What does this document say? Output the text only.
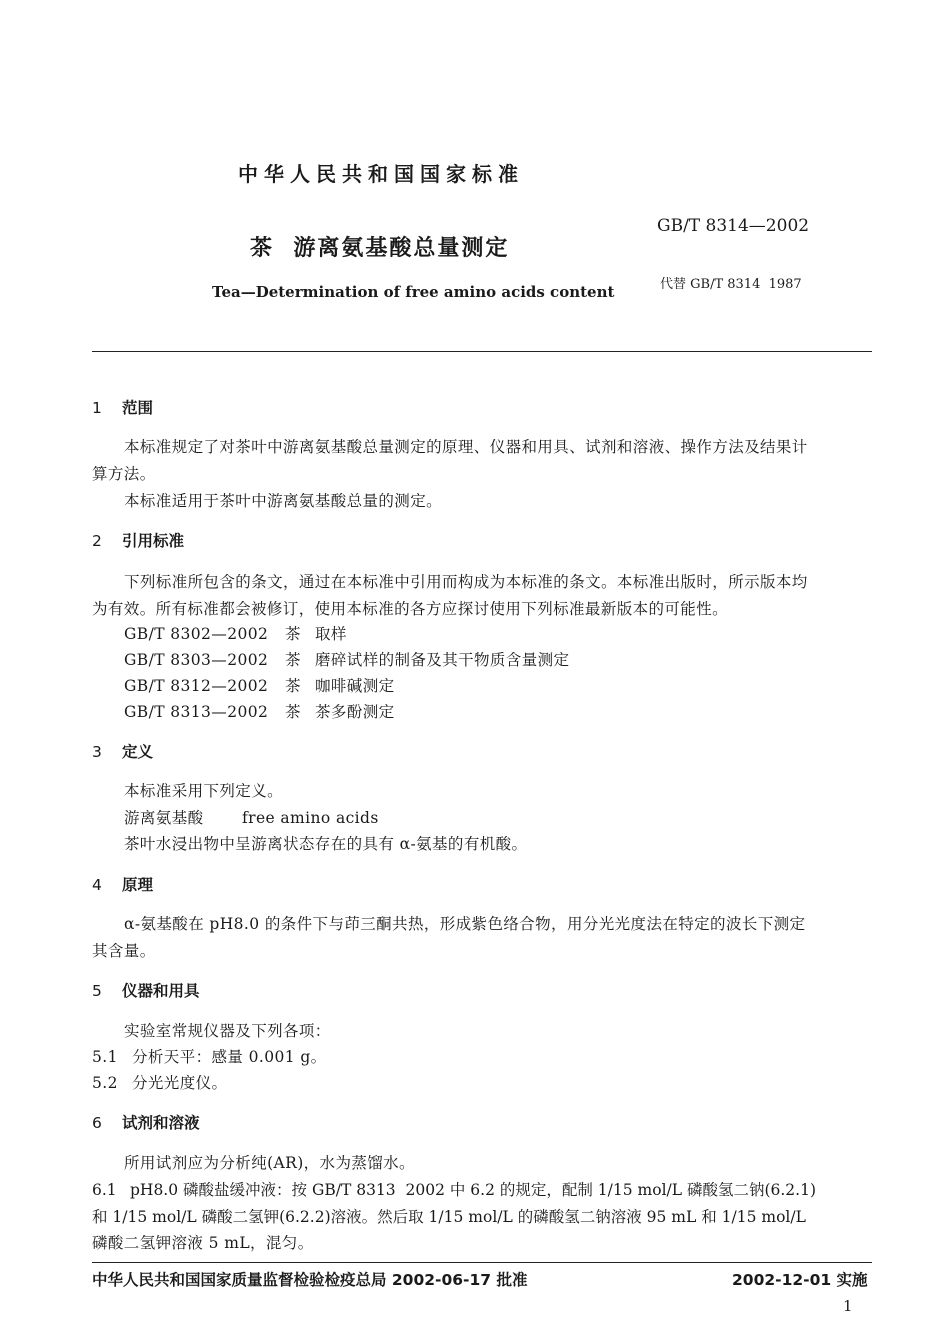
中华人民共和国国家标准
茶  游离氨基酸总量测定
Tea—Determination of free amino acids content
GB/T 8314—2002
代替 GB/T 8314  1987
1 范围
本标准规定了对茶叶中游离氨基酸总量测定的原理、仪器和用具、试剂和溶液、操作方法及结果计
算方法。
本标准适用于茶叶中游离氨基酸总量的测定。
2 引用标准
下列标准所包含的条文，通过在本标准中引用而构成为本标准的条文。本标准出版时，所示版本均
为有效。所有标准都会被修订，使用本标准的各方应探讨使用下列标准最新版本的可能性。
GB/T 8302—2002 茶 取样
GB/T 8303—2002 茶 磨碎试样的制备及其干物质含量测定
GB/T 8312—2002 茶 咖啡碱测定
GB/T 8313—2002 茶 茶多酚测定
3 定义
本标准采用下列定义。
游离氨基酸 free amino acids
茶叶水浸出物中呈游离状态存在的具有 α-氨基的有机酸。
4 原理
α-氨基酸在 pH8.0 的条件下与茚三酮共热，形成紫色络合物，用分光光度法在特定的波长下测定
其含量。
5 仪器和用具
实验室常规仪器及下列各项：
5.1 分析天平：感量 0.001 g。
5.2 分光光度仪。
6 试剂和溶液
所用试剂应为分析纯(AR)，水为蒸馏水。
6.1 pH8.0 磷酸盐缓冲液：按 GB/T 8313  2002 中 6.2 的规定，配制 1/15 mol/L 磷酸氢二钠(6.2.1)
和 1/15 mol/L 磷酸二氢钾(6.2.2)溶液。然后取 1/15 mol/L 的磷酸氢二钠溶液 95 mL 和 1/15 mol/L
磷酸二氢钾溶液 5 mL，混匀。
中华人民共和国国家质量监督检验检疫总局 2002-06-17 批准	2002-12-01 实施
1
